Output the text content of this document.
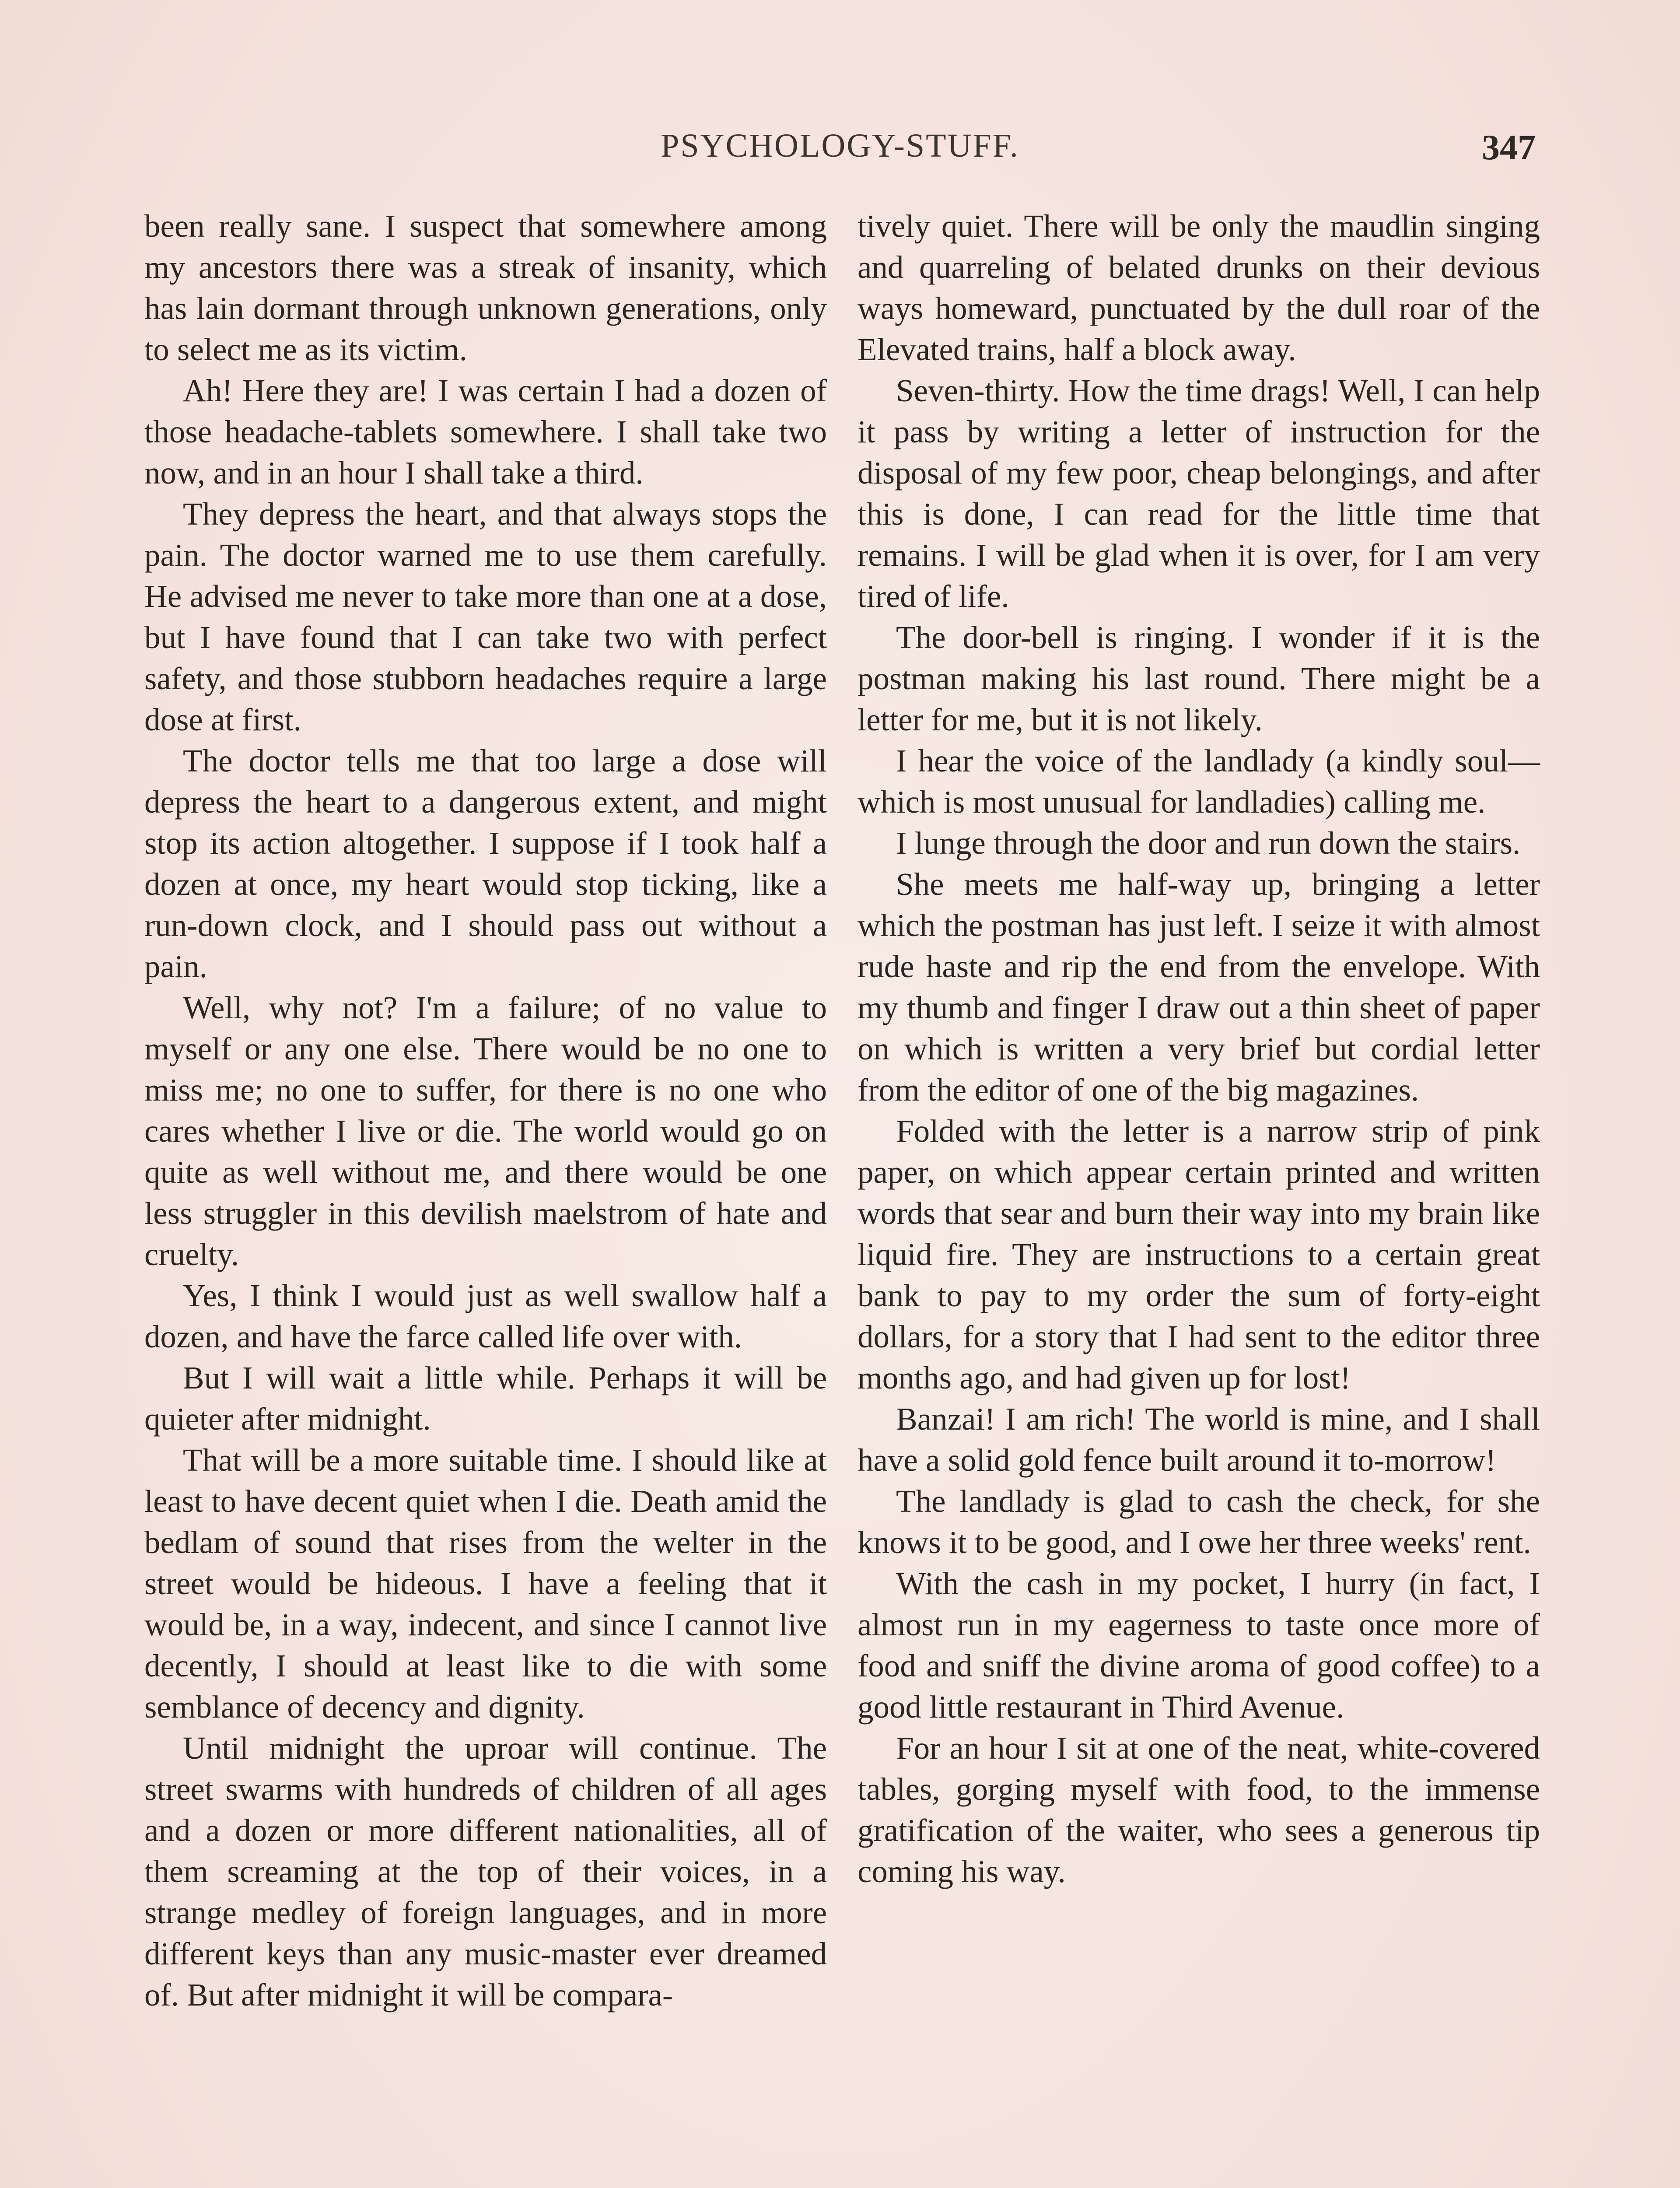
PSYCHOLOGY-STUFF.	347

been really sane. I suspect that somewhere among my ancestors there was a streak of insanity, which has lain dormant through unknown generations, only to select me as its victim.

Ah! Here they are! I was certain I had a dozen of those headache-tablets somewhere. I shall take two now, and in an hour I shall take a third.

They depress the heart, and that always stops the pain. The doctor warned me to use them carefully. He advised me never to take more than one at a dose, but I have found that I can take two with perfect safety, and those stubborn headaches require a large dose at first.

The doctor tells me that too large a dose will depress the heart to a dangerous extent, and might stop its action altogether. I suppose if I took half a dozen at once, my heart would stop ticking, like a run-down clock, and I should pass out without a pain.

Well, why not? I'm a failure; of no value to myself or any one else. There would be no one to miss me; no one to suffer, for there is no one who cares whether I live or die. The world would go on quite as well without me, and there would be one less struggler in this devilish maelstrom of hate and cruelty.

Yes, I think I would just as well swallow half a dozen, and have the farce called life over with.

But I will wait a little while. Perhaps it will be quieter after midnight.

That will be a more suitable time. I should like at least to have decent quiet when I die. Death amid the bedlam of sound that rises from the welter in the street would be hideous. I have a feeling that it would be, in a way, indecent, and since I cannot live decently, I should at least like to die with some semblance of decency and dignity.

Until midnight the uproar will continue. The street swarms with hundreds of children of all ages and a dozen or more different nationalities, all of them screaming at the top of their voices, in a strange medley of foreign languages, and in more different keys than any music-master ever dreamed of. But after midnight it will be compara-

tively quiet. There will be only the maudlin singing and quarreling of belated drunks on their devious ways homeward, punctuated by the dull roar of the Elevated trains, half a block away.

Seven-thirty. How the time drags! Well, I can help it pass by writing a letter of instruction for the disposal of my few poor, cheap belongings, and after this is done, I can read for the little time that remains. I will be glad when it is over, for I am very tired of life.

The door-bell is ringing. I wonder if it is the postman making his last round. There might be a letter for me, but it is not likely.

I hear the voice of the landlady (a kindly soul—which is most unusual for landladies) calling me.

I lunge through the door and run down the stairs.

She meets me half-way up, bringing a letter which the postman has just left. I seize it with almost rude haste and rip the end from the envelope. With my thumb and finger I draw out a thin sheet of paper on which is written a very brief but cordial letter from the editor of one of the big magazines.

Folded with the letter is a narrow strip of pink paper, on which appear certain printed and written words that sear and burn their way into my brain like liquid fire. They are instructions to a certain great bank to pay to my order the sum of forty-eight dollars, for a story that I had sent to the editor three months ago, and had given up for lost!

Banzai! I am rich! The world is mine, and I shall have a solid gold fence built around it to-morrow!

The landlady is glad to cash the check, for she knows it to be good, and I owe her three weeks' rent.

With the cash in my pocket, I hurry (in fact, I almost run in my eagerness to taste once more of food and sniff the divine aroma of good coffee) to a good little restaurant in Third Avenue.

For an hour I sit at one of the neat, white-covered tables, gorging myself with food, to the immense gratification of the waiter, who sees a generous tip coming his way.
